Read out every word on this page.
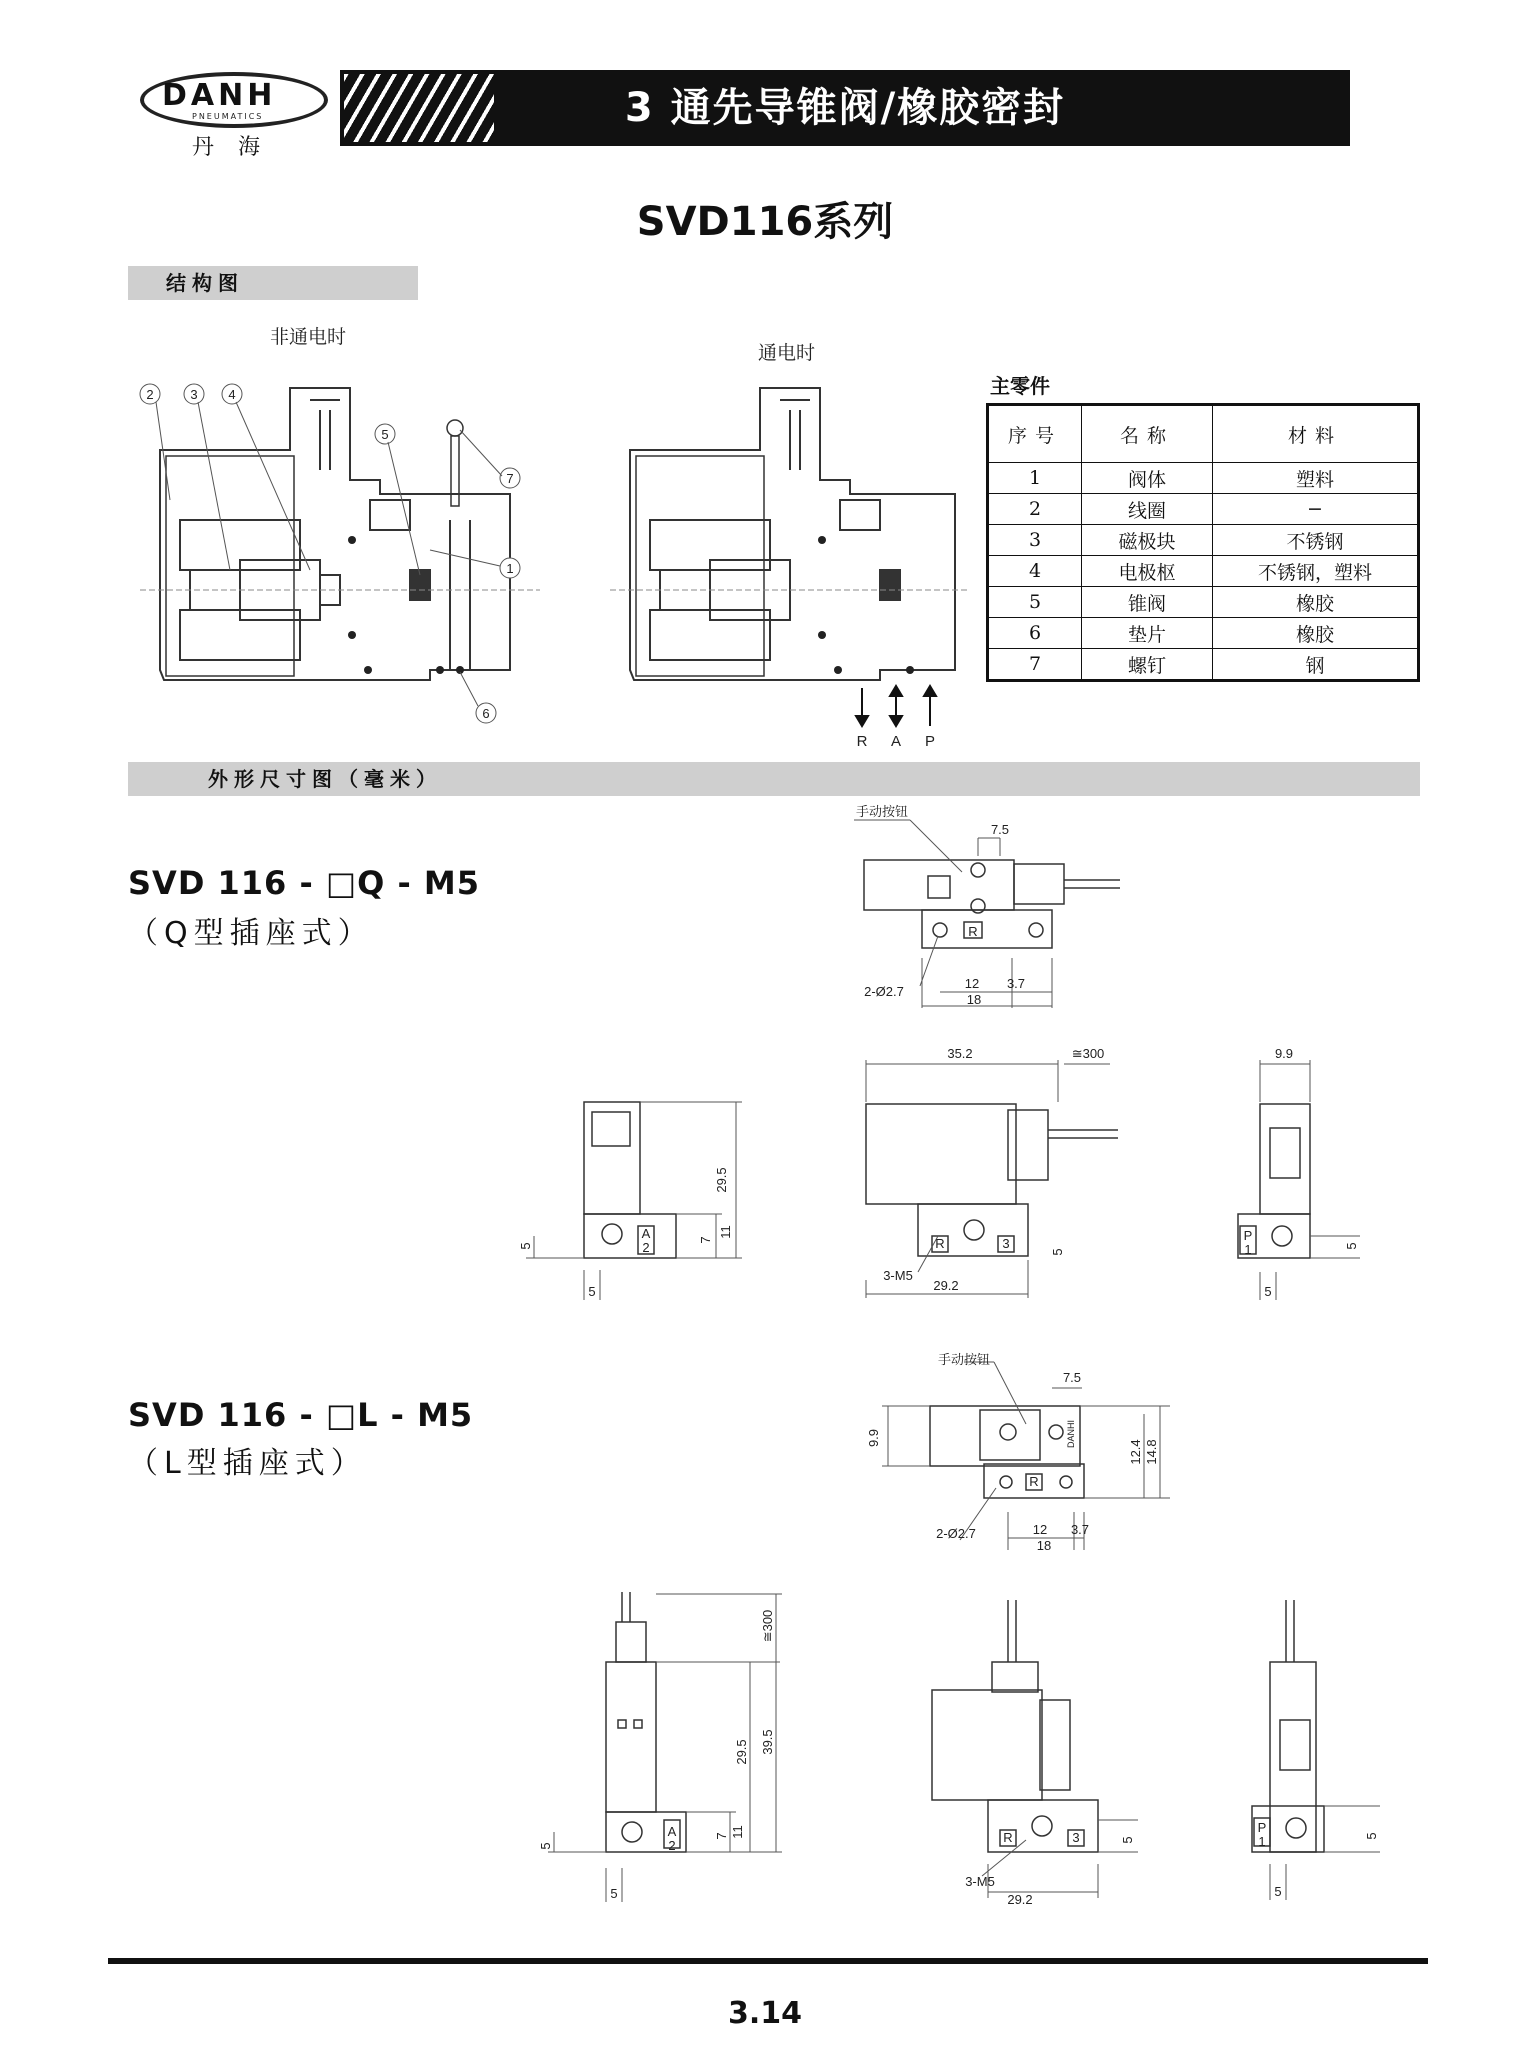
DANH
PNEUMATICS
丹海
3 通先导锥阀/橡胶密封
SVD116系列
结构图
非通电时
通电时
2	3 4
5
7
1
6
R A P
主零件
序号	名称	材料
1	阀体	塑料
2	线圈	−
3	磁极块	不锈钢
4	电极枢	不锈钢，塑料
5	锥阀	橡胶
6	垫片	橡胶
7	螺钉	钢
外形尺寸图（毫米）
SVD 116 - □Q - M5
（Q型插座式）
SVD 116 - □L - M5
（L型插座式）
手动按钮
7.5
R
2-Ø2.7
12 3.7
18
29.5
7
11
5
5
A
2
35.2	≅300
R	3
3-M5
29.2
5
9.9
P
1	5
5
手动按钮
7.5
9.9
12.4 14.8
DANHI
R
2-Ø2.7	12 3.7
18
≅300
39.5
29.5
7 11
5
5
A
2
R	3
3-M5
29.2
5
P
1	5
5
3.14
